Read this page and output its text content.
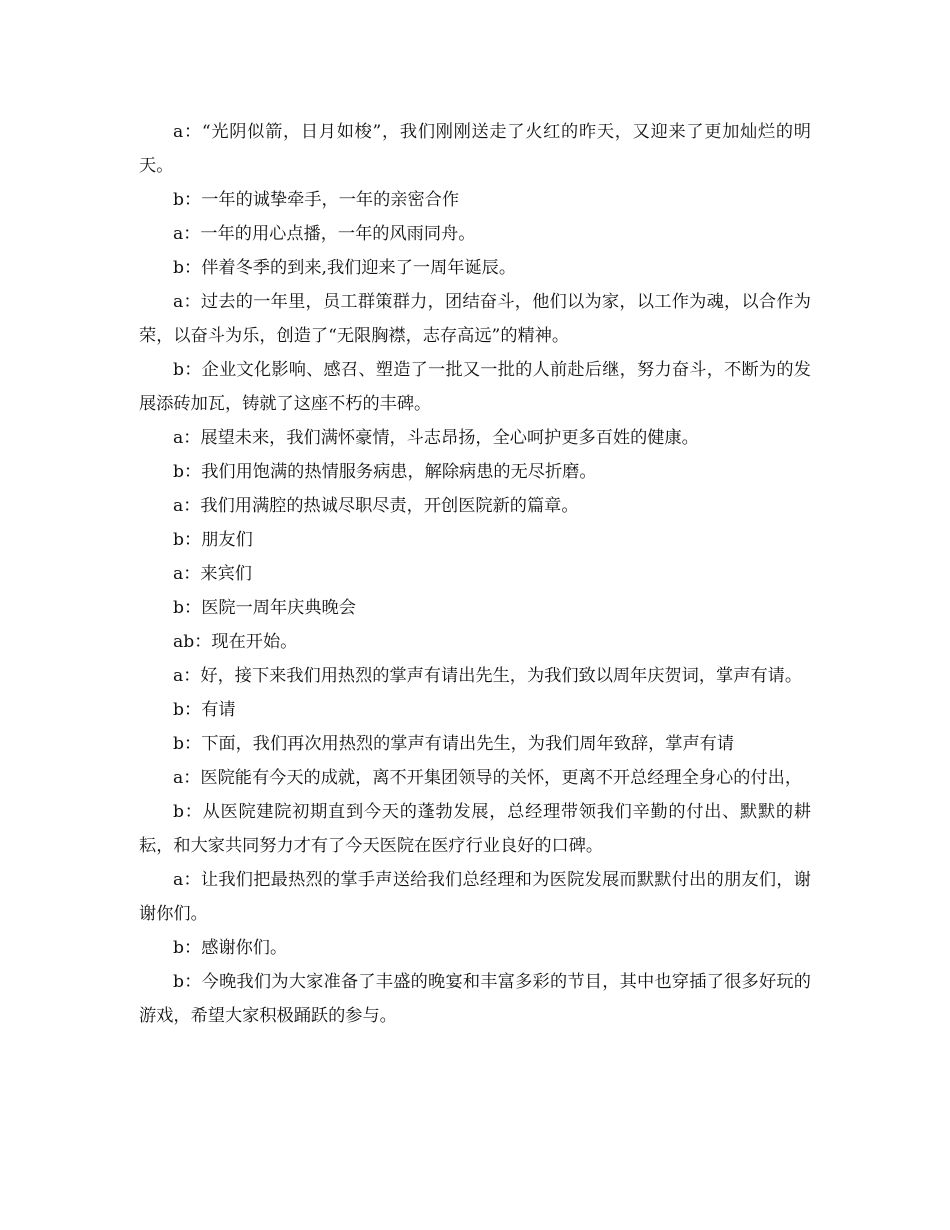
a：“光阴似箭，日月如梭”，我们刚刚送走了火红的昨天，又迎来了更加灿烂的明天。

b：一年的诚挚牵手，一年的亲密合作

a：一年的用心点播，一年的风雨同舟。

b：伴着冬季的到来,我们迎来了一周年诞辰。

a：过去的一年里，员工群策群力，团结奋斗，他们以为家，以工作为魂，以合作为荣，以奋斗为乐，创造了“无限胸襟，志存高远”的精神。

b：企业文化影响、感召、塑造了一批又一批的人前赴后继，努力奋斗，不断为的发展添砖加瓦，铸就了这座不朽的丰碑。

a：展望未来，我们满怀豪情，斗志昂扬，全心呵护更多百姓的健康。

b：我们用饱满的热情服务病患，解除病患的无尽折磨。

a：我们用满腔的热诚尽职尽责，开创医院新的篇章。

b：朋友们

a：来宾们

b：医院一周年庆典晚会

ab：现在开始。

a：好，接下来我们用热烈的掌声有请出先生，为我们致以周年庆贺词，掌声有请。

b：有请

b：下面，我们再次用热烈的掌声有请出先生，为我们周年致辞，掌声有请

a：医院能有今天的成就，离不开集团领导的关怀，更离不开总经理全身心的付出，

b：从医院建院初期直到今天的蓬勃发展，总经理带领我们辛勤的付出、默默的耕耘，和大家共同努力才有了今天医院在医疗行业良好的口碑。

a：让我们把最热烈的掌手声送给我们总经理和为医院发展而默默付出的朋友们，谢谢你们。

b：感谢你们。

b：今晚我们为大家准备了丰盛的晚宴和丰富多彩的节目，其中也穿插了很多好玩的游戏，希望大家积极踊跃的参与。
